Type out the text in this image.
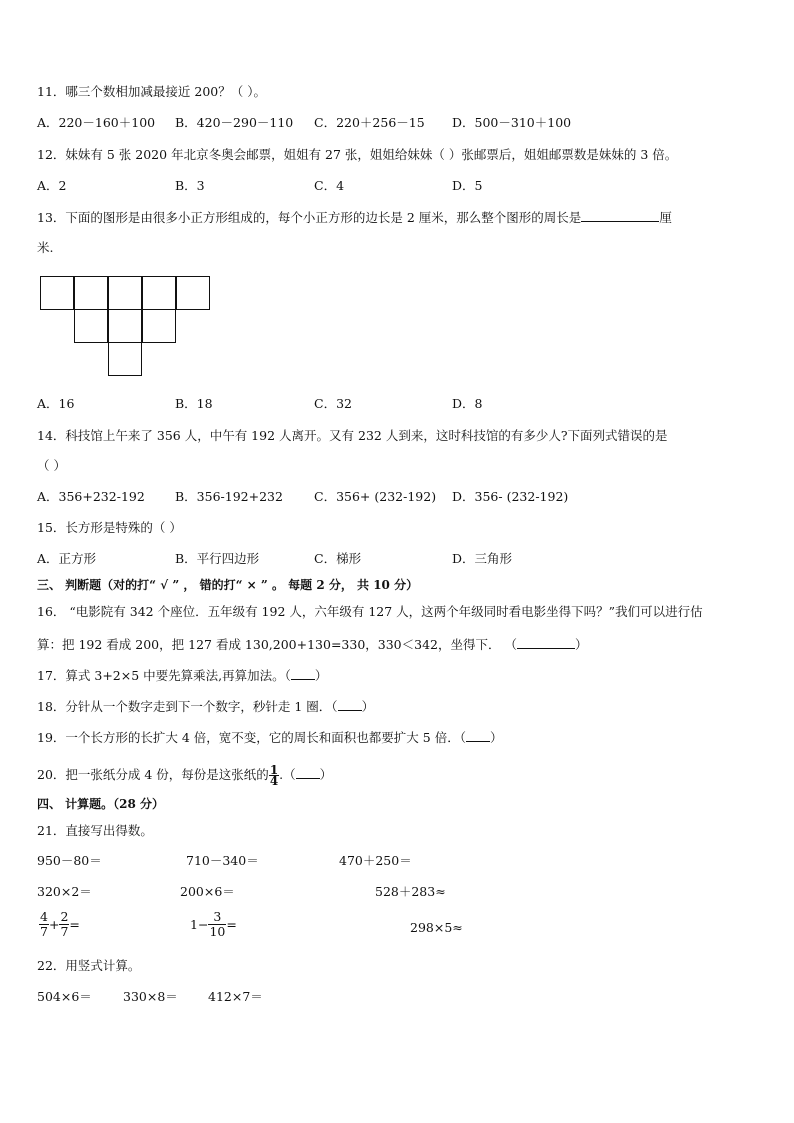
11．哪三个数相加减最接近 200？（ ）。
A．220－160＋100 B．420－290－110 C．220＋256－15 D．500－310＋100
12．妹妹有 5 张 2020 年北京冬奥会邮票，姐姐有 27 张，姐姐给妹妹（ ）张邮票后，姐姐邮票数是妹妹的 3 倍。
A．2	B．3	C．4	D．5
13．下面的图形是由很多小正方形组成的，每个小正方形的边长是 2 厘米，那么整个图形的周长是	厘
米.
A．16	B．18	C．32	D．8
14．科技馆上午来了 356 人，中午有 192 人离开。又有 232 人到来，这时科技馆的有多少人?下面列式错误的是
（ ）
A．356+232-192 B．356-192+232 C．356+ (232-192) D．356- (232-192)
15．长方形是特殊的（ ）
A．正方形	B．平行四边形	C．梯形	D．三角形
三、 判断题（对的打“ √ ” ， 错的打“ × ” 。 每题 2 分， 共 10 分）
16． “电影院有 342 个座位．五年级有 192 人，六年级有 127 人，这两个年级同时看电影坐得下吗？”我们可以进行估
算：把 192 看成 200，把 127 看成 130,200+130=330，330＜342，坐得下． （	）
17．算式 3+2×5 中要先算乘法,再算加法。（ ）
18．分针从一个数字走到下一个数字，秒针走 1 圈．（ ）
19．一个长方形的长扩大 4 倍，宽不变，它的周长和面积也都要扩大 5 倍．（ ）
20．把一张纸分成 4 份，每份是这张纸的 $\frac{1}{4}$ .（ ）
四、 计算题。（28 分）
21．直接写出得数。
950－80＝	710－340＝	470＋250＝
320×2＝	200×6＝	528＋283≈
$\frac{4}{7} + \frac{2}{7}$ =	$1- \frac{3}{10}$ =	298×5≈
22．用竖式计算。
504×6＝ 330×8＝ 412×7＝
